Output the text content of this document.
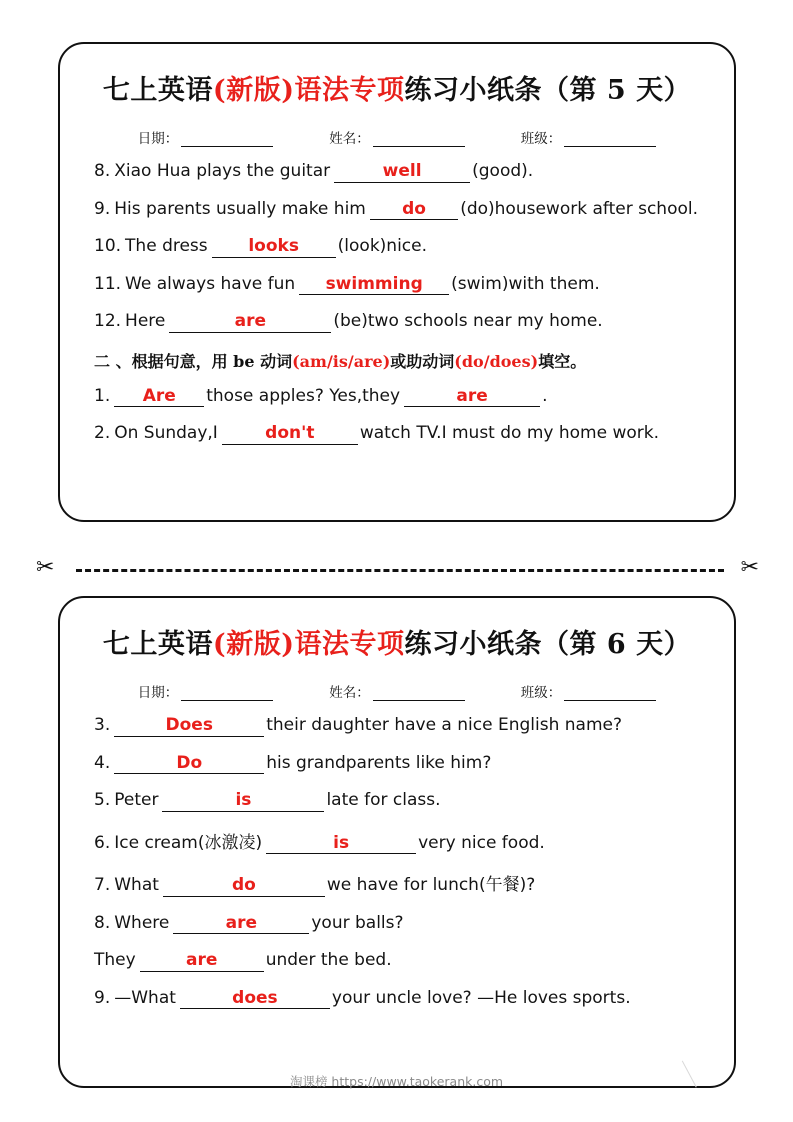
七上英语(新版)语法专项练习小纸条（第 5 天）
日期：	姓名：	班级：
8. Xiao Hua plays the guitar	well	(good).
9. His parents usually make him	do	(do)housework after school.
10. The dress	looks	(look)nice.
11. We always have fun	swimming	(swim)with them.
12. Here	are	(be)two schools near my home.
二 、根据句意，用 be 动词(am/is/are)或助动词(do/does)填空。
1.	Are	those apples? Yes,they	are	.
2. On Sunday,I	don't	watch TV.I must do my home work.
✂	✂
七上英语(新版)语法专项练习小纸条（第 6 天）
日期：	姓名：	班级：
3.	Does	their daughter have a nice English name?
4.	Do	his grandparents like him?
5. Peter	is	late for class.
6. Ice cream(冰激凌)	is	very nice food.
7. What	do	we have for lunch(午餐)?
8. Where	are	your balls?
They	are	under the bed.
9. —What	does	your uncle love? —He loves sports.
淘课榜 https://www.taokerank.com
